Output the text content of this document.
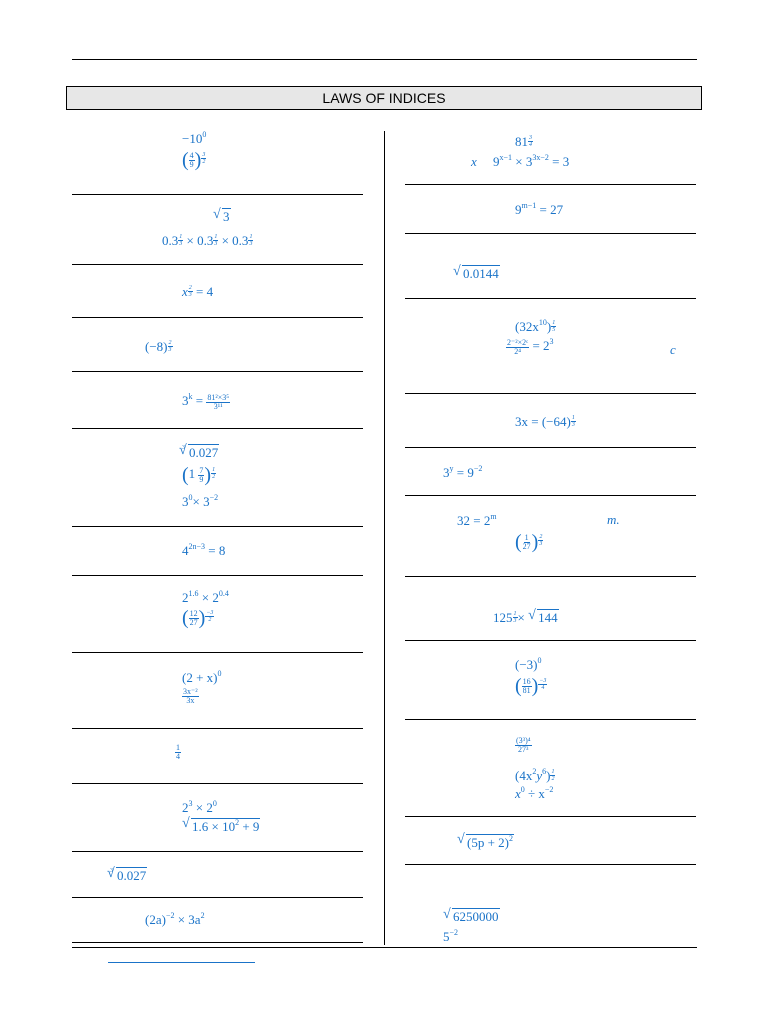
LAWS OF INDICES
$-10^0$
( $\frac{4}{9}$ ) $\frac{3}{2}$
√ 3
$0.3 \frac{1}{3} \times 0.3 \frac{1}{3} \times 0.3 \frac{1}{3}$
x $\frac{2}{3} = 4$
$(-8) \frac{2}{3}$
$3^k = \frac{\text{81²×3⁵}}{\text{3¹¹}}$
$^3$ √ 0.027
($1 \frac{7}{9}$ ) $\frac{1}{2}$
$3^0\times 3^{-2}$
$4^{2n-3} = 8$
$2^{1.6} \times 2^{0.4}$
( $\frac{12}{27}$ ) $\frac{-3}{2}$
$(2 + x)^0$
$\frac{\text{3x⁻²}}{3x}$
$\frac{1}{4}$
$2^3 \times 2^0$
√ $1.6 \times 10^2 + 9$
$^3$ √ 0.027
$(2a)^{-2} \times 3a^2$
$81 \frac{3}{4}$
x $9^{x-1} \times 3^{3x-2} = 3$
$9^{m-1} = 27$
√ 0.0144
$(32x^{10}) \frac{1}{5}$
$\frac{\text{2⁻²×2ᶜ}}{\text{2⁴}} = 2^3$
c
$3x = (-64) \frac{1}{3}$
$3^y = 9^{-2}$
$32 = 2^m$	m.
( $\frac{1}{27}$ ) $\frac{2}{3}$
$125 \frac{1}{3}$ × √ 144
$(-3)^0$
( $\frac{16}{81}$ ) $\frac{-3}{4}$
$\frac{\text{(3³)⁴}}{\text{27³}}$
$(4x^2y^6) \frac{1}{2}$
$x^0 \div x^{-2}$
√ $(5p + 2)^2$
√ 6250000
$5^{-2}$
